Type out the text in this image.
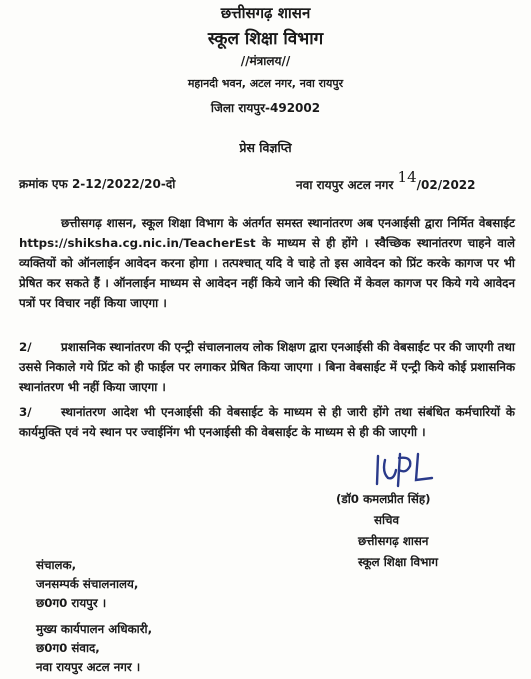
छत्तीसगढ़ शासन
स्कूल शिक्षा विभाग
//मंत्रालय//
महानदी भवन, अटल नगर, नवा रायपुर
जिला रायपुर-492002
प्रेस विज्ञप्ति
क्रमांक एफ 2-12/2022/20-दो	नवा रायपुर अटल नगर 14/02/2022
छत्तीसगढ़ शासन, स्कूल शिक्षा विभाग के अंतर्गत समस्त स्थानांतरण अब एनआईसी द्वारा निर्मित वेबसाईट https://shiksha.cg.nic.in/TeacherEst के माध्यम से ही होंगे । स्वैच्छिक स्थानांतरण चाहने वाले व्यक्तियों को ऑनलाईन आवेदन करना होगा । तत्पश्चात् यदि वे चाहे तो इस आवेदन को प्रिंट करके कागज पर भी प्रेषित कर सकते हैं । ऑनलाईन माध्यम से आवेदन नहीं किये जाने की स्थिति में केवल कागज पर किये गये आवेदन पत्रों पर विचार नहीं किया जाएगा ।
2/ प्रशासनिक स्थानांतरण की एन्ट्री संचालनालय लोक शिक्षण द्वारा एनआईसी की वेबसाईट पर की जाएगी तथा उससे निकाले गये प्रिंट को ही फाईल पर लगाकर प्रेषित किया जाएगा । बिना वेबसाईट में एन्ट्री किये कोई प्रशासनिक स्थानांतरण भी नहीं किया जाएगा ।
3/ स्थानांतरण आदेश भी एनआईसी की वेबसाईट के माध्यम से ही जारी होंगे तथा संबंधित कर्मचारियों के कार्यमुक्ति एवं नये स्थान पर ज्वाईनिंग भी एनआईसी की वेबसाईट के माध्यम से ही की जाएगी ।
(डॉ0 कमलप्रीत सिंह)
सचिव
छत्तीसगढ़ शासन
स्कूल शिक्षा विभाग
संचालक,
जनसम्पर्क संचालनालय,
छ0ग0 रायपुर ।
मुख्य कार्यपालन अधिकारी,
छ0ग0 संवाद,
नवा रायपुर अटल नगर ।
